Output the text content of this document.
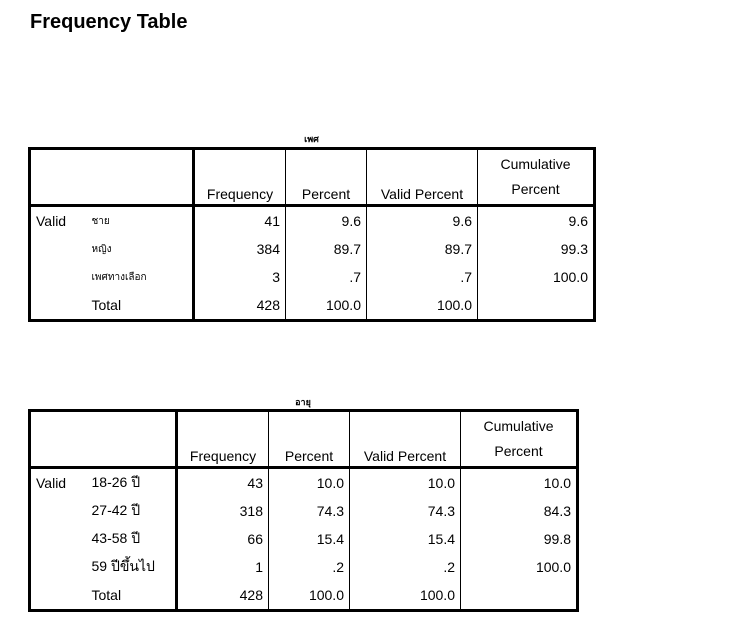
Frequency Table
เพศ
		Frequency	Percent	Valid Percent	Cumulative
Percent
Valid	ชาย	41	9.6	9.6	9.6
	หญิง	384	89.7	89.7	99.3
	เพศทางเลือก	3	.7	.7	100.0
	Total	428	100.0	100.0	
อายุ
		Frequency	Percent	Valid Percent	Cumulative
Percent
Valid	18-26 ปี	43	10.0	10.0	10.0
	27-42 ปี	318	74.3	74.3	84.3
	43-58 ปี	66	15.4	15.4	99.8
	59 ปีขึ้นไป	1	.2	.2	100.0
	Total	428	100.0	100.0	
